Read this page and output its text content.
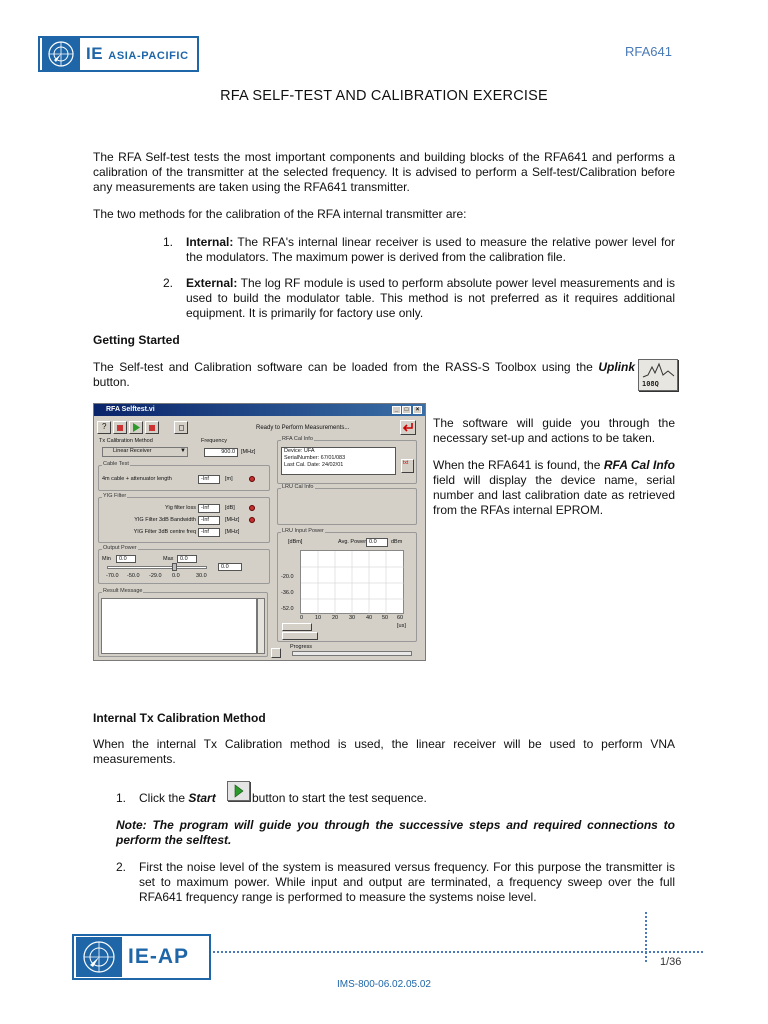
IE ASIA-PACIFIC	RFA641
RFA SELF-TEST AND CALIBRATION EXERCISE
The RFA Self-test tests the most important components and building blocks of the RFA641 and performs a calibration of the transmitter at the selected frequency. It is advised to perform a Self-test/Calibration before any measurements are taken using the RFA641 transmitter.
The two methods for the calibration of the RFA internal transmitter are:
1.	Internal: The RFA's internal linear receiver is used to measure the relative power level for the modulators. The maximum power is derived from the calibration file.
2.	External: The log RF module is used to perform absolute power level measurements and is used to build the modulator table. This method is not preferred as it requires additional equipment. It is primarily for factory use only.
Getting Started
The Self-test and Calibration software can be loaded from the RASS-S Toolbox using the Uplink button.	108Q
RFA Selftest.vi	_	□	×
?	Ready to Perform Measurements...
Tx Calibration Method
Linear Receiver	▼
Frequency
900.0	[MHz]
RFA Cal Info
Device: UFA
SerialNumber: 67/01/083
Last Cal. Date: 24/02/01	txt
Cable Test
4m cable + attenuator length	-Inf	[m]
LRU Cal Info
YIG Filter
Yig filter loss -Inf	[dB]
YIG Filter 3dB Bandwidth -Inf	[MHz]
YIG Filter 3dB centre freq -Inf	[MHz]	LRU Input Power
[dBm]	Avg. Power 0.0	dBm
-20.0
-36.0
-52.0
0 10 20 30 40 50 60
[us]
Output Power
Min	0.0	Max	0.0
0.0
-70.0 -50.0 -29.0 0.0	30.0
Result Message
Progress
The software will guide you through the necessary set-up and actions to be taken.
When the RFA641 is found, the RFA Cal Info field will display the device name, serial number and last calibration date as retrieved from the RFAs internal EPROM.
Internal Tx Calibration Method
When the internal Tx Calibration method is used, the linear receiver will be used to perform VNA measurements.
1.	Click the Start	button to start the test sequence.
Note: The program will guide you through the successive steps and required connections to perform the selftest.
2.	First the noise level of the system is measured versus frequency. For this purpose the transmitter is set to maximum power. While input and output are terminated, a frequency sweep over the full RFA641 frequency range is performed to measure the systems noise level.
IE-AP	1/36
IMS-800-06.02.05.02
